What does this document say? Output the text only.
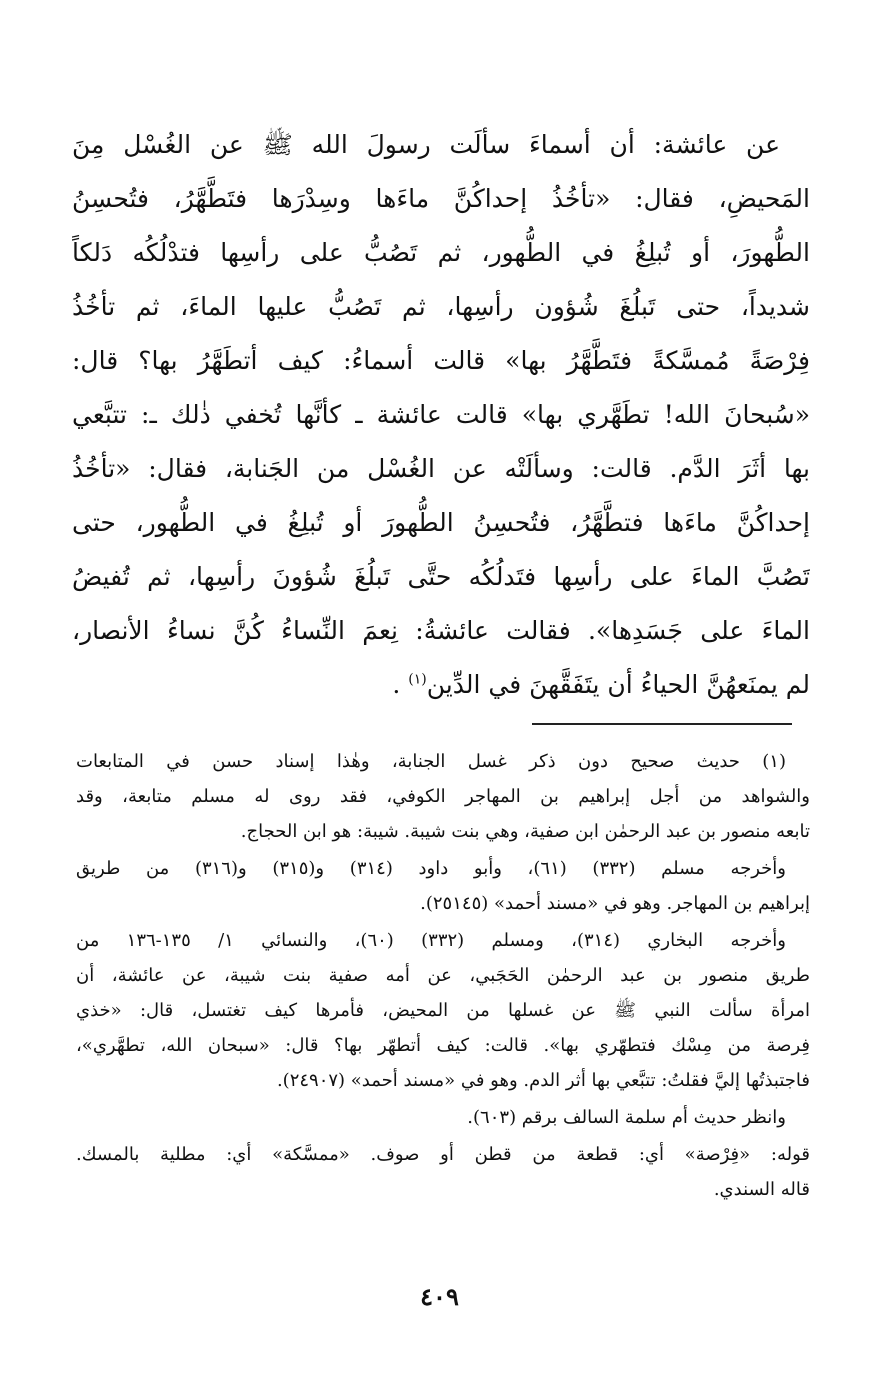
عن عائشة: أن أسماءَ سألَت رسولَ الله ﷺ عن الغُسْل مِنَ
المَحيضِ، فقال: «تأخُذُ إحداكُنَّ ماءَها وسِدْرَها فتَطَّهَّرُ، فتُحسِنُ
الطُّهورَ، أو تُبلِغُ في الطُّهور، ثم تَصُبُّ على رأسِها فتدْلُكُه دَلكاً
شديداً، حتى تَبلُغَ شُؤون رأسِها، ثم تَصُبُّ عليها الماءَ، ثم تأخُذُ
فِرْصَةً مُمسَّكةً فتَطَّهَّرُ بها» قالت أسماءُ: كيف أتطَهَّرُ بها؟ قال:
«سُبحانَ الله! تطَهَّري بها» قالت عائشة ـ كأنَّها تُخفي ذٰلك ـ: تتبَّعي
بها أثَرَ الدَّم. قالت: وسألَتْه عن الغُسْل من الجَنابة، فقال: «تأخُذُ
إحداكُنَّ ماءَها فتطَّهَّرُ، فتُحسِنُ الطُّهورَ أو تُبلِغُ في الطُّهور، حتى
تَصُبَّ الماءَ على رأسِها فتَدلُكُه حتَّى تَبلُغَ شُؤونَ رأسِها، ثم تُفيضُ
الماءَ على جَسَدِها». فقالت عائشةُ: نِعمَ النِّساءُ كُنَّ نساءُ الأنصار،
لم يمنَعهُنَّ الحياءُ أن يتَفَقَّهنَ في الدِّين$^{(١)}$ .
(١) حديث صحيح دون ذكر غسل الجنابة، وهٰذا إسناد حسن في المتابعات
والشواهد من أجل إبراهيم بن المهاجر الكوفي، فقد روى له مسلم متابعة، وقد
تابعه منصور بن عبد الرحمٰن ابن صفية، وهي بنت شيبة. شيبة: هو ابن الحجاج.
وأخرجه مسلم (٣٣٢) (٦١)، وأبو داود (٣١٤) و(٣١٥) و(٣١٦) من طريق
إبراهيم بن المهاجر. وهو في «مسند أحمد» (٢٥١٤٥).
وأخرجه البخاري (٣١٤)، ومسلم (٣٣٢) (٦٠)، والنسائي ١/ ١٣٥-١٣٦ من
طريق منصور بن عبد الرحمٰن الحَجَبي، عن أمه صفية بنت شيبة، عن عائشة، أن
امرأة سألت النبي ﷺ عن غسلها من المحيض، فأمرها كيف تغتسل، قال: «خذي
فِرصة من مِسْك فتطهّري بها». قالت: كيف أتطهّر بها؟ قال: «سبحان الله، تطهَّري»،
فاجتبذتُها إليَّ فقلتُ: تتبَّعي بها أثر الدم. وهو في «مسند أحمد» (٢٤٩٠٧).
وانظر حديث أم سلمة السالف برقم (٦٠٣).
قوله: «فِرْصة» أي: قطعة من قطن أو صوف. «ممسَّكة» أي: مطلية بالمسك.
قاله السندي.
٤٠٩
